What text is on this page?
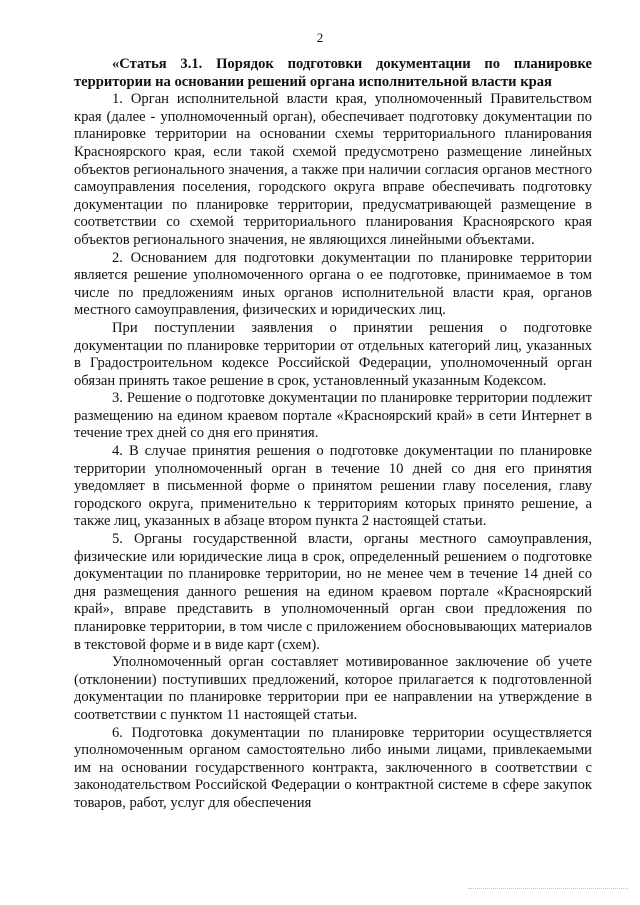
2

«Статья 3.1. Порядок подготовки документации по планировке территории на основании решений органа исполнительной власти края

1. Орган исполнительной власти края, уполномоченный Правительством края (далее - уполномоченный орган), обеспечивает подготовку документации по планировке территории на основании схемы территориального планирования Красноярского края, если такой схемой предусмотрено размещение линейных объектов регионального значения, а также при наличии согласия органов местного самоуправления поселения, городского округа вправе обеспечивать подготовку документации по планировке территории, предусматривающей размещение в соответствии со схемой территориального планирования Красноярского края объектов регионального значения, не являющихся линейными объектами.

2. Основанием для подготовки документации по планировке территории является решение уполномоченного органа о ее подготовке, принимаемое в том числе по предложениям иных органов исполнительной власти края, органов местного самоуправления, физических и юридических лиц.

При поступлении заявления о принятии решения о подготовке документации по планировке территории от отдельных категорий лиц, указанных в Градостроительном кодексе Российской Федерации, уполномоченный орган обязан принять такое решение в срок, установленный указанным Кодексом.

3. Решение о подготовке документации по планировке территории подлежит размещению на едином краевом портале «Красноярский край» в сети Интернет в течение трех дней со дня его принятия.

4. В случае принятия решения о подготовке документации по планировке территории уполномоченный орган в течение 10 дней со дня его принятия уведомляет в письменной форме о принятом решении главу поселения, главу городского округа, применительно к территориям которых принято решение, а также лиц, указанных в абзаце втором пункта 2 настоящей статьи.

5. Органы государственной власти, органы местного самоуправления, физические или юридические лица в срок, определенный решением о подготовке документации по планировке территории, но не менее чем в течение 14 дней со дня размещения данного решения на едином краевом портале «Красноярский край», вправе представить в уполномоченный орган свои предложения по планировке территории, в том числе с приложением обосновывающих материалов в текстовой форме и в виде карт (схем).

Уполномоченный орган составляет мотивированное заключение об учете (отклонении) поступивших предложений, которое прилагается к подготовленной документации по планировке территории при ее направлении на утверждение в соответствии с пунктом 11 настоящей статьи.

6. Подготовка документации по планировке территории осуществляется уполномоченным органом самостоятельно либо иными лицами, привлекаемыми им на основании государственного контракта, заключенного в соответствии с законодательством Российской Федерации о контрактной системе в сфере закупок товаров, работ, услуг для обеспечения
